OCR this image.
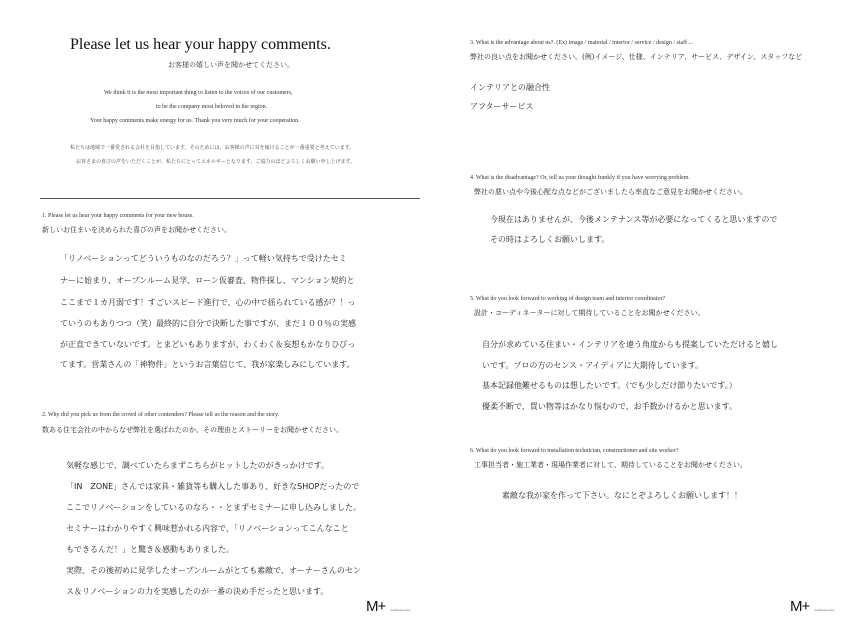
Please let us hear your happy comments.
お客様の嬉しい声を聞かせてください。
We think it is the most important thing to listen to the voices of our customers,
to be the company most beloved in the region.
Your happy comments make energy for us. Thank you very much for your cooperation.
私たちは地域で一番愛される会社を目指しています。そのためには、お客様の声に耳を傾けることが一番重要と考えています。
お客さまの喜びの声をいただくことが、私たちにとってエネルギーとなります。ご協力のほどよろしくお願い申し上げます。
1. Please let us hear your happy comments for your new house.
新しいお住まいを決められた喜びの声をお聞かせください。
「リノベーションってどういうものなのだろう？」って軽い気持ちで受けたセミ
ナーに始まり、オープンルーム見学、ローン仮審査、物件探し、マンション契約と
ここまで１カ月弱です！すごいスピード進行で、心の中で揺られている感が？！っ
ていうのもありつつ（笑）最終的に自分で決断した事ですが、まだ１００％の実感
が正直できていないです。とまどいもありますが、わくわく＆妄想もかなりひびっ
てます。営業さんの「神物件」というお言葉信じて、我が家楽しみにしています。
2. Why did you pick us from the crowd of other contenders? Please tell us the reason and the story.
数ある住宅会社の中からなぜ弊社を選ばれたのか、その理由とストーリーをお聞かせください。
気軽な感じで、調べていたらまずこちらがヒットしたのがきっかけです。
「IN　ZONE」さんでは家具・雑貨等も購入した事あり、好きなSHOPだったので
ここでリノベーションをしているのなら・・とまずセミナーに申し込みしました。
セミナーはわかりやすく興味惹かれる内容で、「リノベーションってこんなこと
もできるんだ！」と驚き＆感動もありました。
実際、その後初めに見学したオープンルームがとても素敵で、オーナーさんのセン
ス＆リノベーションの力を実感したのが一番の決め手だったと思います。
M+ mapleservice
3. What is the advantage about us?. (Ex) image / material / interior / service / design / staff ...
弊社の良い点をお聞かせください。(例)イメージ、仕様、インテリア、サービス、デザイン、スタッフなど
インテリアとの融合性
アフターサービス
4. What is the disadvantage? Or, tell us your thought frankly if you have worrying problem.
弊社の悪い点や今後心配な点などがございましたら率直なご意見をお聞かせください。
今現在はありませんが、今後メンテナンス等が必要になってくると思いますので
その時はよろしくお願いします。
5. What do you look forward to working of design team and interior coordinator?
設計・コーディネーターに対して期待していることをお聞かせください。
自分が求めている住まい・インテリアを違う角度からも提案していただけると嬉し
いです。プロの方のセンス・アイディアに大期待しています。
基本記録他難せるものは想したいです。（でも少しだけ節りたいです。）
優柔不断で、買い物等はかなり悩むので、お手数かけるかと思います。
6. What do you look forward to installation technician, constructioner and site worker?
工事担当者・施工業者・現場作業者に対して、期待していることをお聞かせください。
素敵な我が家を作って下さい。なにとぞよろしくお願いします！！
M+ mapleservice
